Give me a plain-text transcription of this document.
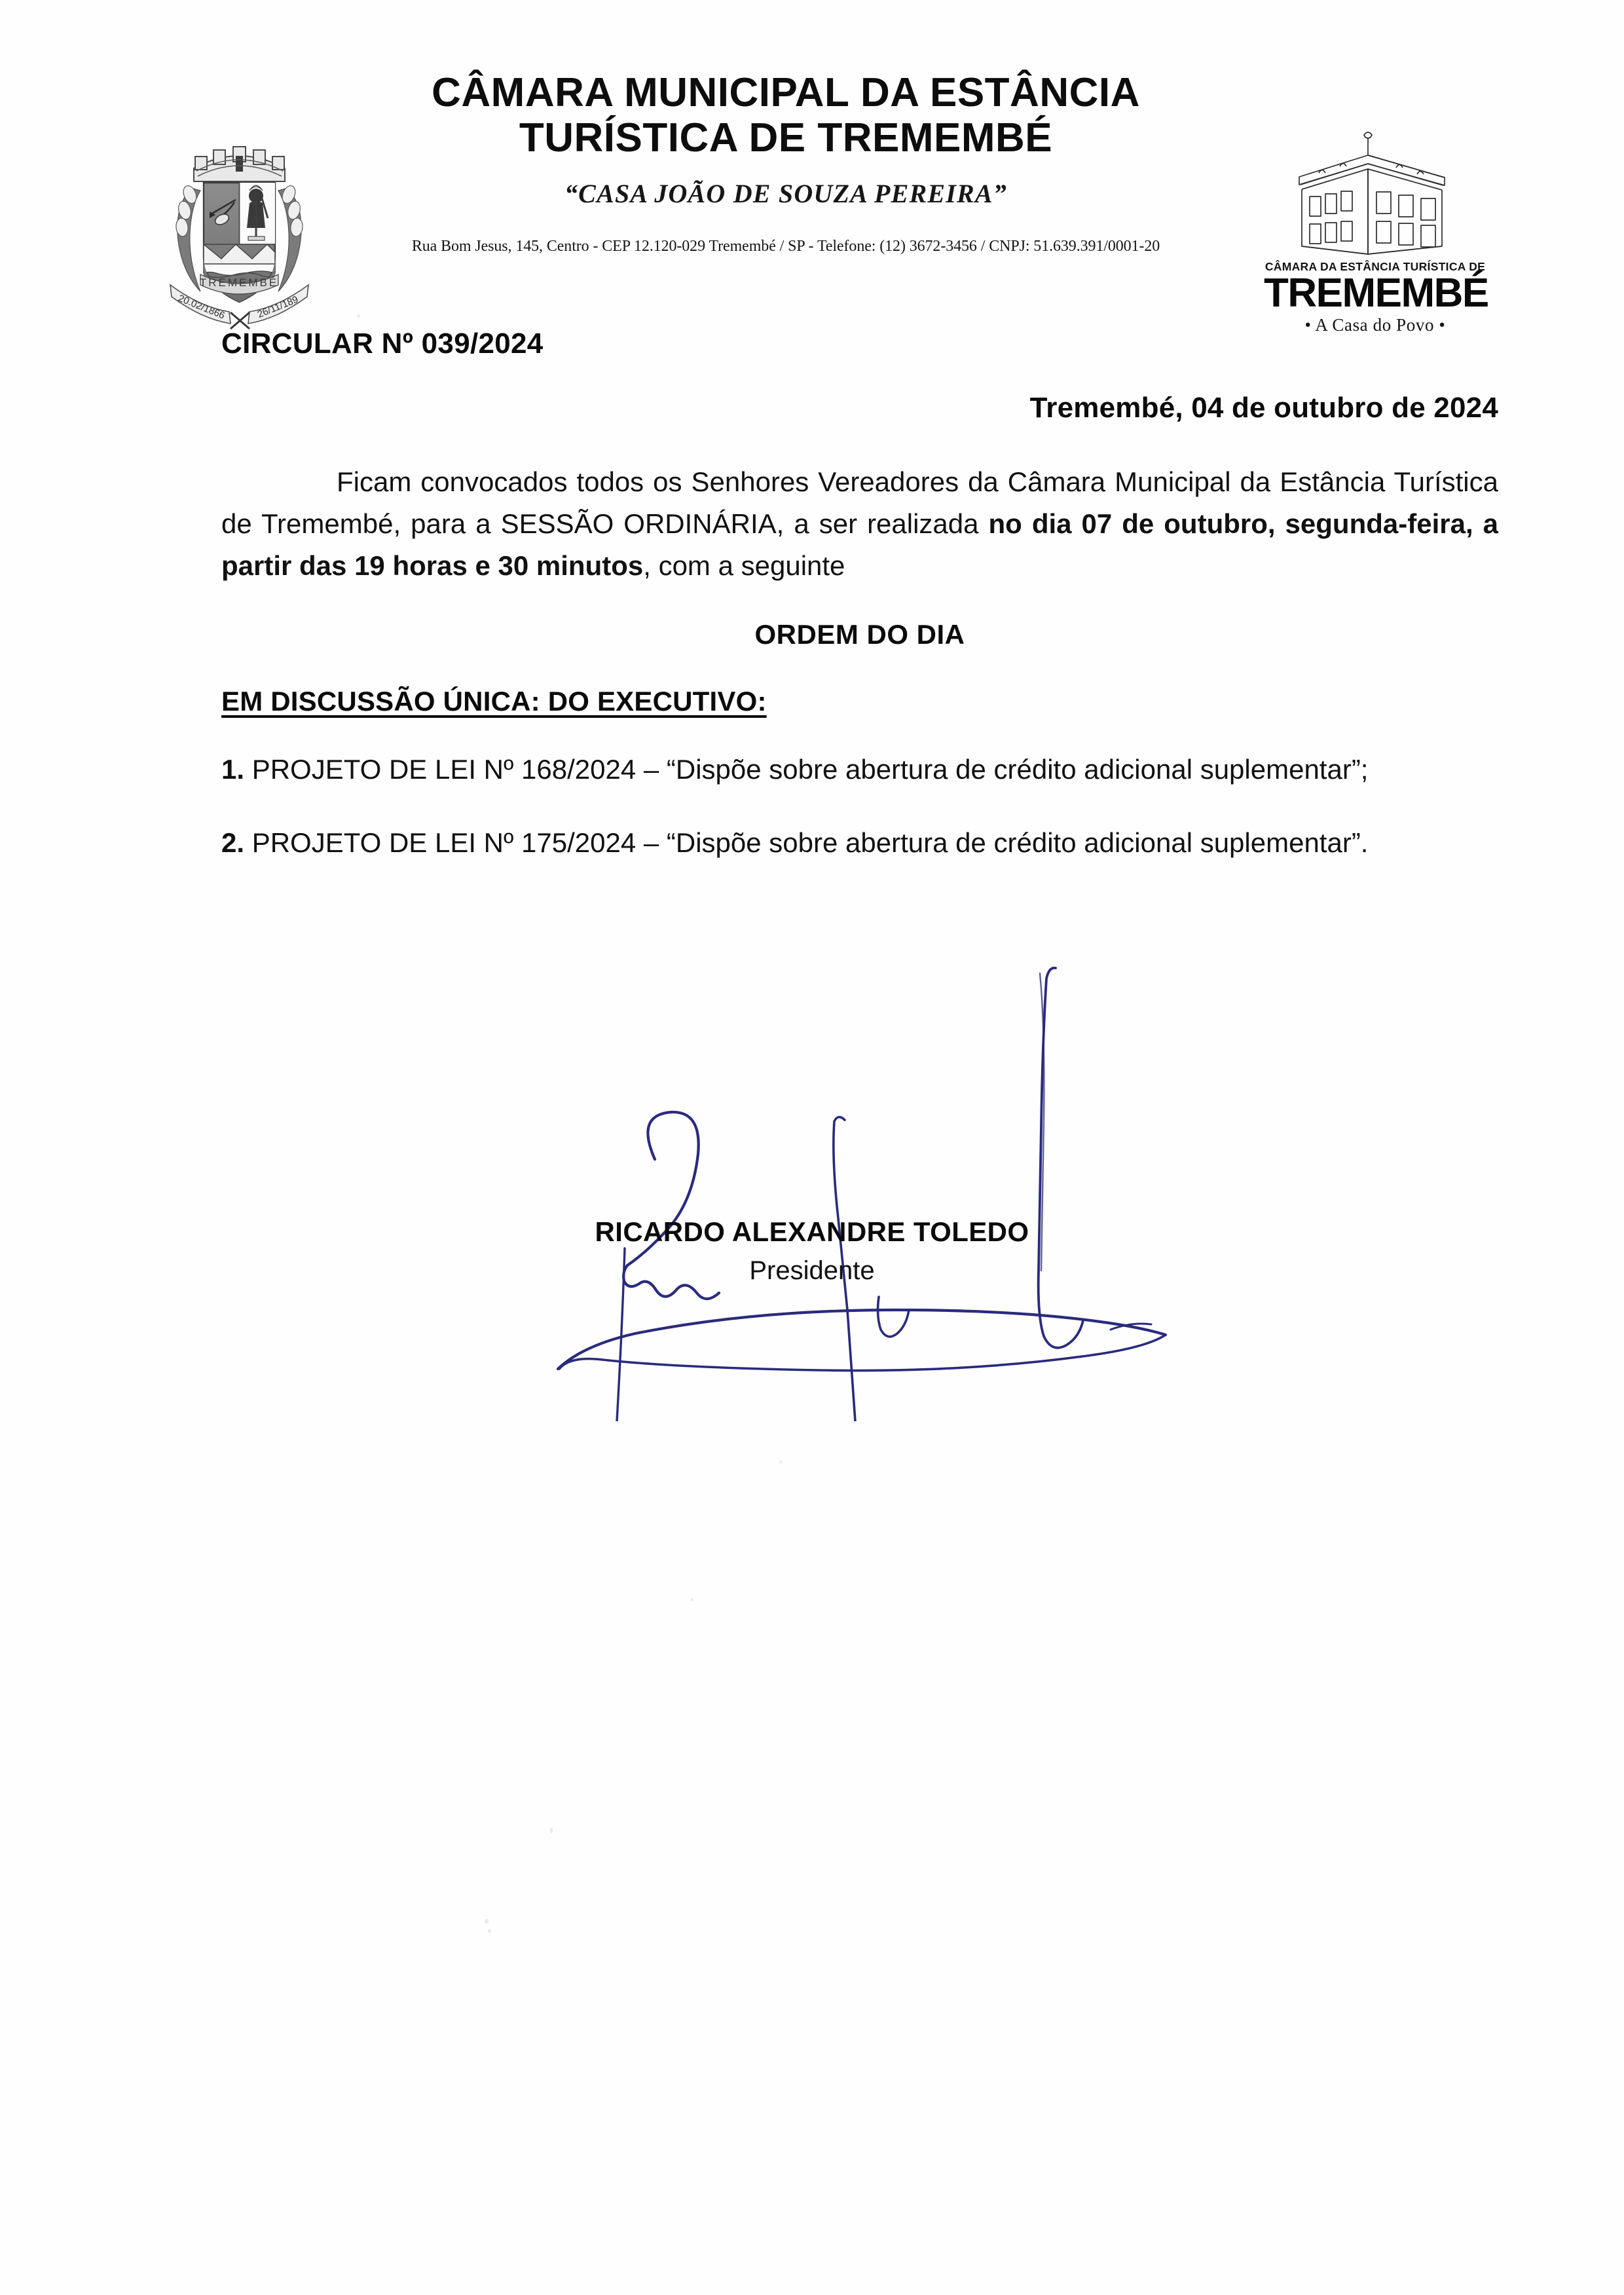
TREMEMBÉ
20.02/1866	26/11/189
CÂMARA MUNICIPAL DA ESTÂNCIA
TURÍSTICA DE TREMEMBÉ
“CASA JOÃO DE SOUZA PEREIRA”
Rua Bom Jesus, 145, Centro - CEP 12.120-029 Tremembé / SP - Telefone: (12) 3672-3456 / CNPJ: 51.639.391/0001-20
CÂMARA DA ESTÂNCIA TURÍSTICA DE
TREMEMBÉ
• A Casa do Povo •
CIRCULAR Nº 039/2024
Tremembé, 04 de outubro de 2024
Ficam convocados todos os Senhores Vereadores da Câmara Municipal da Estância Turística de Tremembé, para a SESSÃO ORDINÁRIA, a ser realizada no dia 07 de outubro, segunda-feira, a partir das 19 horas e 30 minutos, com a seguinte
ORDEM DO DIA
EM DISCUSSÃO ÚNICA: DO EXECUTIVO:
1. PROJETO DE LEI Nº 168/2024 – “Dispõe sobre abertura de crédito adicional suplementar”;
2. PROJETO DE LEI Nº 175/2024 – “Dispõe sobre abertura de crédito adicional suplementar”.
RICARDO ALEXANDRE TOLEDO
Presidente
